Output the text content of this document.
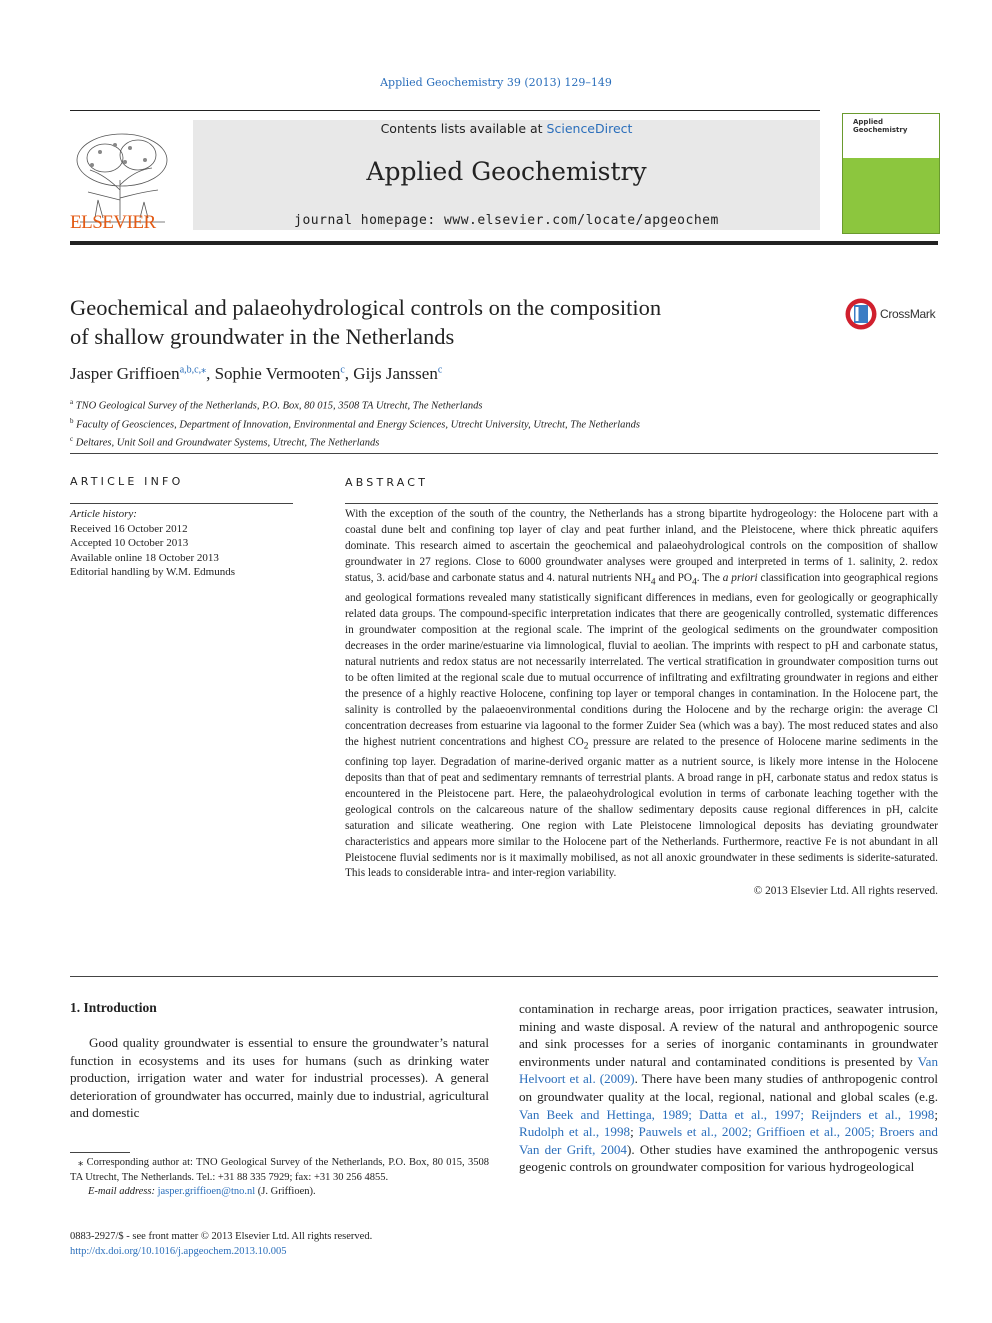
Applied Geochemistry 39 (2013) 129–149
ELSEVIER
Contents lists available at ScienceDirect
Applied Geochemistry
journal homepage: www.elsevier.com/locate/apgeochem
Applied Geochemistry
Geochemical and palaeohydrological controls on the composition
of shallow groundwater in the Netherlands
CrossMark
Jasper Griffioen$^{a,b,c,⁎}$, Sophie Vermooten$^c$, Gijs Janssen$^c$
$^a$ TNO Geological Survey of the Netherlands, P.O. Box, 80 015, 3508 TA Utrecht, The Netherlands
$^b$ Faculty of Geosciences, Department of Innovation, Environmental and Energy Sciences, Utrecht University, Utrecht, The Netherlands
$^c$ Deltares, Unit Soil and Groundwater Systems, Utrecht, The Netherlands
ARTICLE INFO	ABSTRACT
Article history:
Received 16 October 2012
Accepted 10 October 2013
Available online 18 October 2013
Editorial handling by W.M. Edmunds
With the exception of the south of the country, the Netherlands has a strong bipartite hydrogeology: the Holocene part with a coastal dune belt and confining top layer of clay and peat further inland, and the Pleistocene, where thick phreatic aquifers dominate. This research aimed to ascertain the geochemical and palaeohydrological controls on the composition of shallow groundwater in 27 regions. Close to 6000 groundwater analyses were grouped and interpreted in terms of 1. salinity, 2. redox status, 3. acid/base and carbonate status and 4. natural nutrients $NH_4$ and $PO_4$. The a priori classification into geographical regions and geological formations revealed many statistically significant differences in medians, even for geologically or geographically related data groups. The compound-specific interpretation indicates that there are geogenically controlled, systematic differences in groundwater composition at the regional scale. The imprint of the geological sediments on the groundwater composition decreases in the order marine/estuarine via limnological, fluvial to aeolian. The imprints with respect to pH and carbonate status, natural nutrients and redox status are not necessarily interrelated. The vertical stratification in groundwater composition turns out to be often limited at the regional scale due to mutual occurrence of infiltrating and exfiltrating groundwater in regions and either the presence of a highly reactive Holocene, confining top layer or temporal changes in contamination. In the Holocene part, the salinity is controlled by the palaeoenvironmental conditions during the Holocene and by the recharge origin: the average Cl concentration decreases from estuarine via lagoonal to the former Zuider Sea (which was a bay). The most reduced states and also the highest nutrient concentrations and highest $CO_2$ pressure are related to the presence of Holocene marine sediments in the confining top layer. Degradation of marine-derived organic matter as a nutrient source, is likely more intense in the Holocene deposits than that of peat and sedimentary remnants of terrestrial plants. A broad range in pH, carbonate status and redox status is encountered in the Pleistocene part. Here, the palaeohydrological evolution in terms of carbonate leaching together with the geological controls on the calcareous nature of the shallow sedimentary deposits cause regional differences in pH, calcite saturation and silicate weathering. One region with Late Pleistocene limnological deposits has deviating groundwater characteristics and appears more similar to the Holocene part of the Netherlands. Furthermore, reactive Fe is not abundant in all Pleistocene fluvial sediments nor is it maximally mobilised, as not all anoxic groundwater in these sediments is siderite-saturated. This leads to considerable intra- and inter-region variability.
© 2013 Elsevier Ltd. All rights reserved.
1. Introduction
Good quality groundwater is essential to ensure the groundwater’s natural function in ecosystems and its uses for humans (such as drinking water production, irrigation water and water for industrial processes). A general deterioration of groundwater has occurred, mainly due to industrial, agricultural and domestic
contamination in recharge areas, poor irrigation practices, seawater intrusion, mining and waste disposal. A review of the natural and anthropogenic source and sink processes for a series of inorganic contaminants in groundwater environments under natural and contaminated conditions is presented by Van Helvoort et al. (2009). There have been many studies of anthropogenic control on groundwater quality at the local, regional, national and global scales (e.g. Van Beek and Hettinga, 1989; Datta et al., 1997; Reijnders et al., 1998; Rudolph et al., 1998; Pauwels et al., 2002; Griffioen et al., 2005; Broers and Van der Grift, 2004). Other studies have examined the anthropogenic versus geogenic controls on groundwater composition for various hydrogeological
⁎ Corresponding author at: TNO Geological Survey of the Netherlands, P.O. Box, 80 015, 3508 TA Utrecht, The Netherlands. Tel.: +31 88 335 7929; fax: +31 30 256 4855.
E-mail address: jasper.griffioen@tno.nl (J. Griffioen).
0883-2927/$ - see front matter © 2013 Elsevier Ltd. All rights reserved.
http://dx.doi.org/10.1016/j.apgeochem.2013.10.005
